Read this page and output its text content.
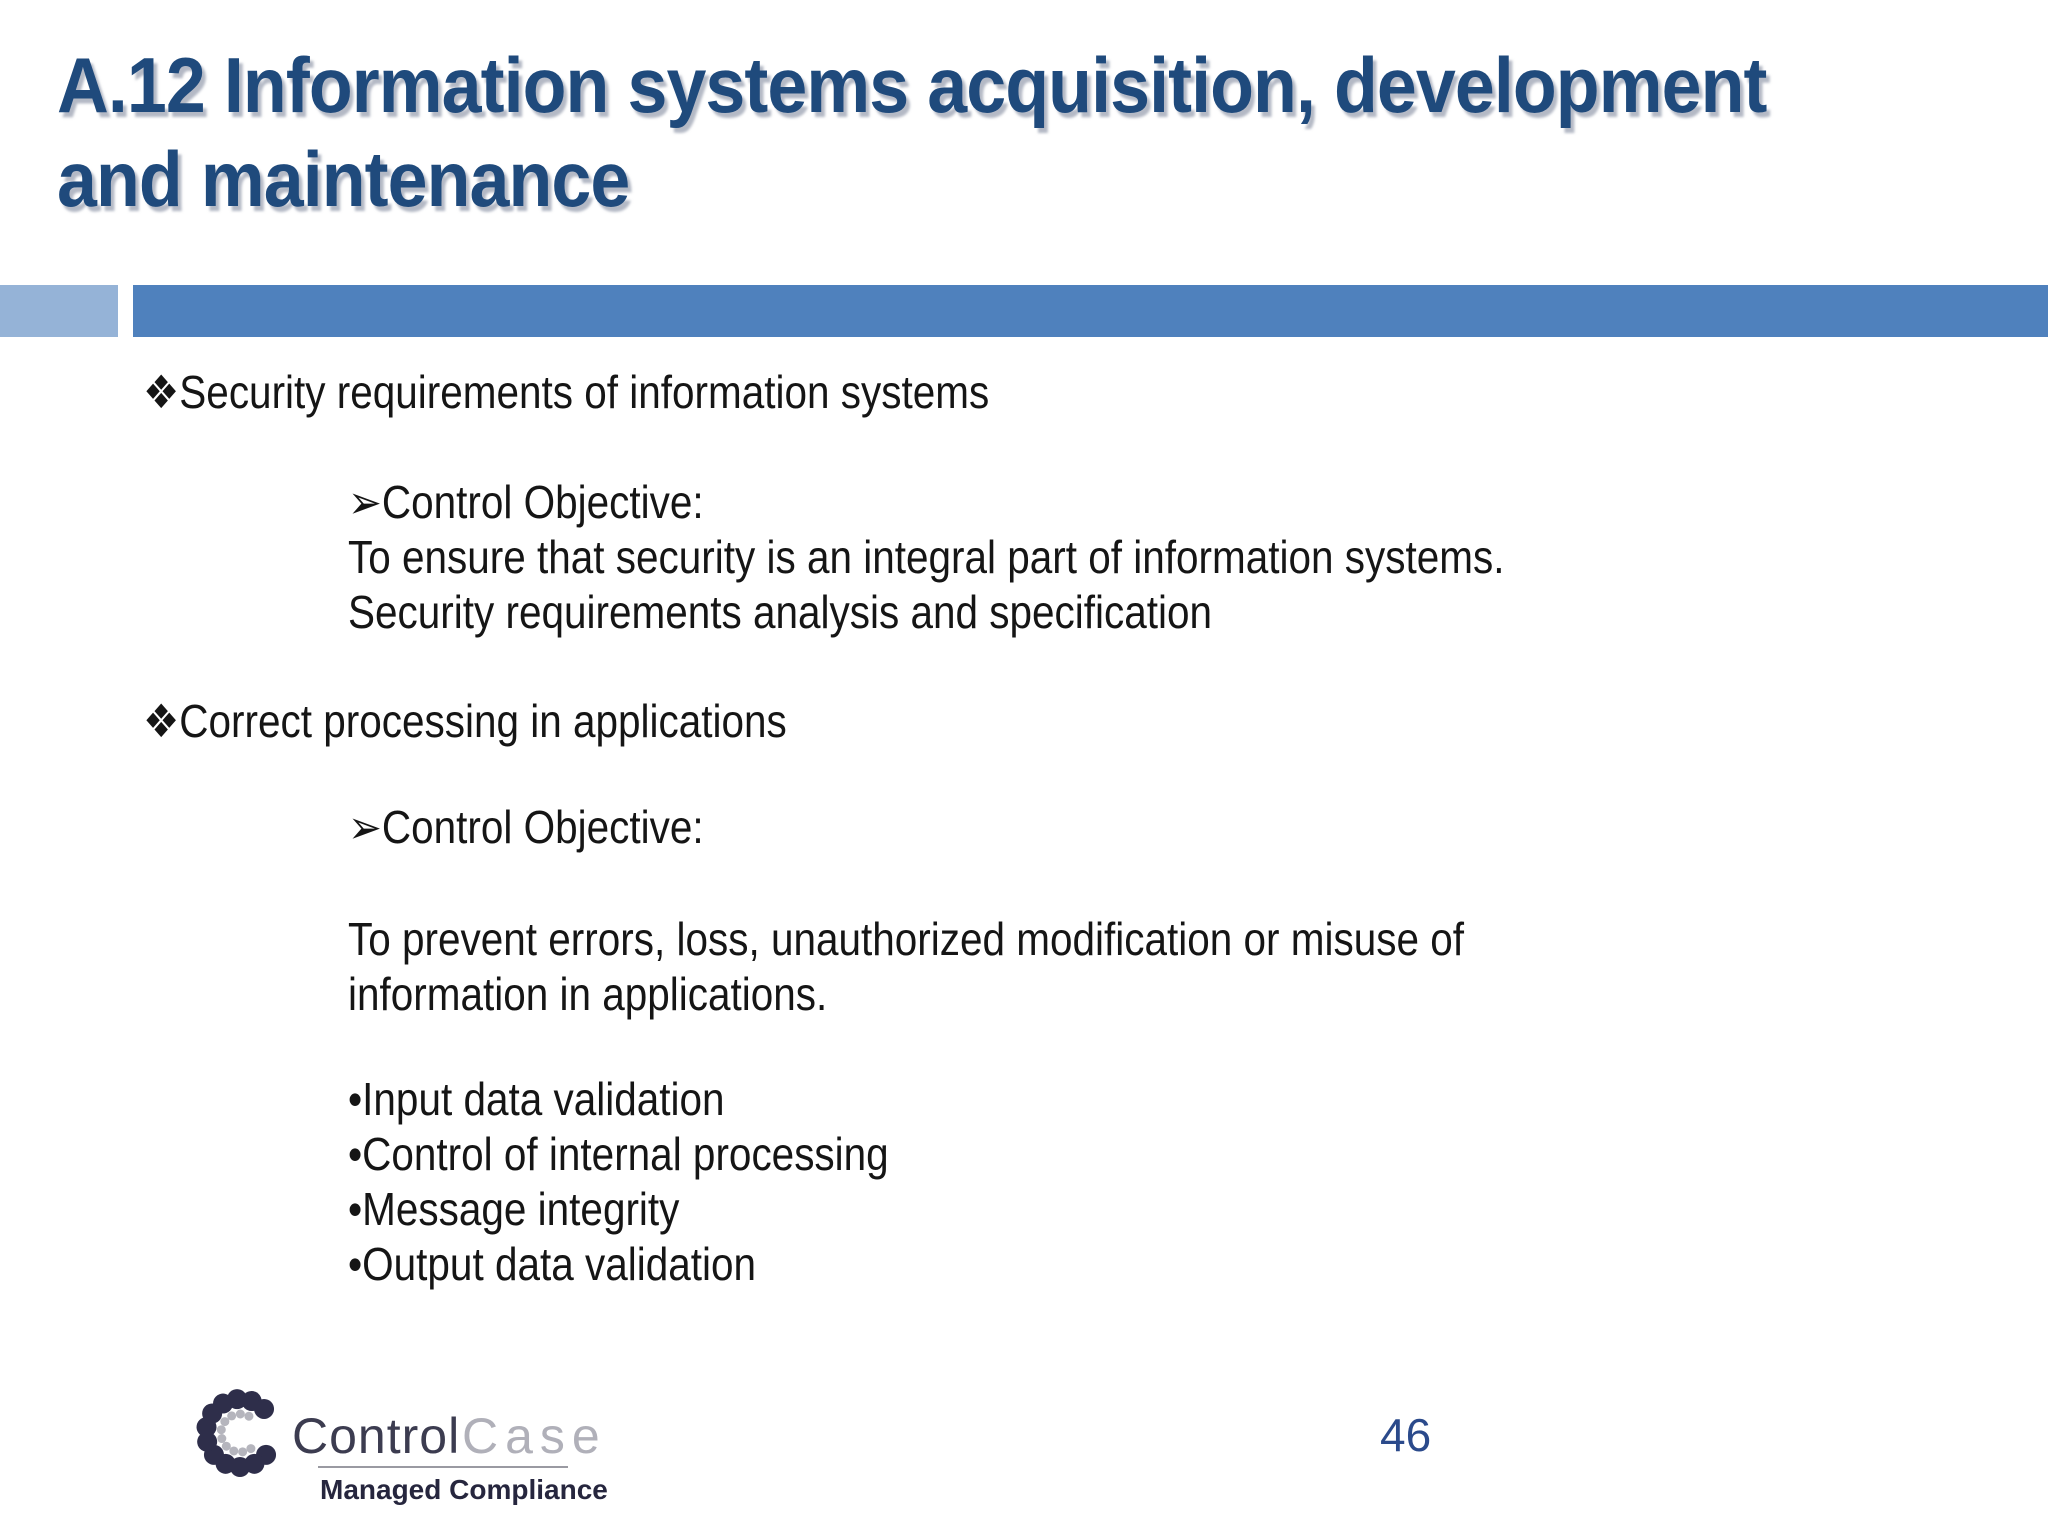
A.12 Information systems acquisition, development
and maintenance
❖Security requirements of information systems
➢Control Objective:
To ensure that security is an integral part of information systems.
Security requirements analysis and specification
❖Correct processing in applications
➢Control Objective:
To prevent errors, loss, unauthorized modification or misuse of
information in applications.
•Input data validation
•Control of internal processing
•Message integrity
•Output data validation
Control Case
Managed Compliance
46
